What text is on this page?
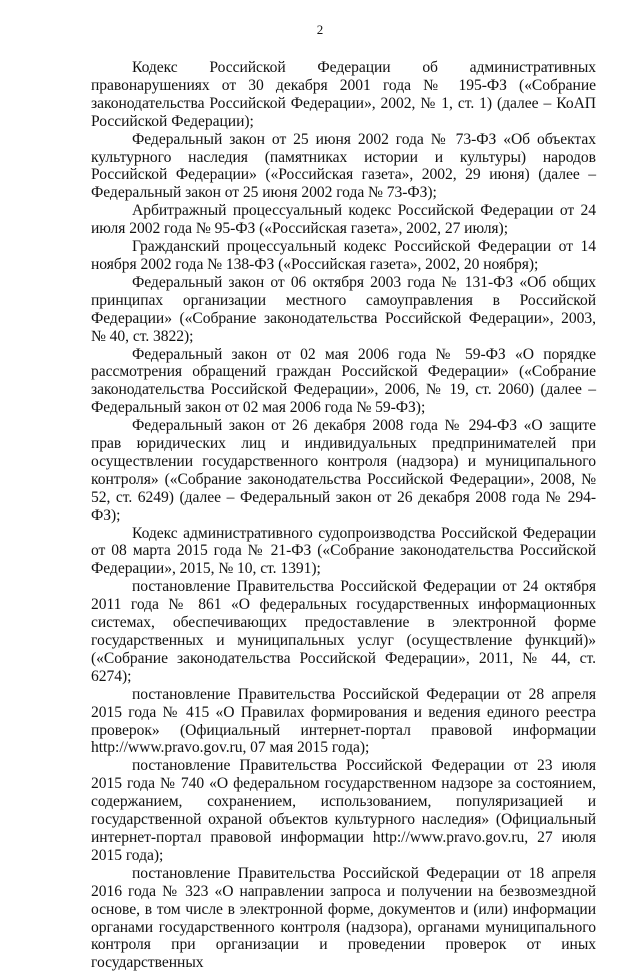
2

Кодекс Российской Федерации об административных правонарушениях от 30 декабря 2001 года № 195-ФЗ («Собрание законодательства Российской Федерации», 2002, № 1, ст. 1) (далее – КоАП Российской Федерации);

Федеральный закон от 25 июня 2002 года № 73-ФЗ «Об объектах культурного наследия (памятниках истории и культуры) народов Российской Федерации» («Российская газета», 2002, 29 июня) (далее – Федеральный закон от 25 июня 2002 года № 73-ФЗ);

Арбитражный процессуальный кодекс Российской Федерации от 24 июля 2002 года № 95-ФЗ («Российская газета», 2002, 27 июля);

Гражданский процессуальный кодекс Российской Федерации от 14 ноября 2002 года № 138-ФЗ («Российская газета», 2002, 20 ноября);

Федеральный закон от 06 октября 2003 года № 131-ФЗ «Об общих принципах организации местного самоуправления в Российской Федерации» («Собрание законодательства Российской Федерации», 2003, № 40, ст. 3822);

Федеральный закон от 02 мая 2006 года № 59-ФЗ «О порядке рассмотрения обращений граждан Российской Федерации» («Собрание законодательства Российской Федерации», 2006, № 19, ст. 2060) (далее – Федеральный закон от 02 мая 2006 года № 59-ФЗ);

Федеральный закон от 26 декабря 2008 года № 294-ФЗ «О защите прав юридических лиц и индивидуальных предпринимателей при осуществлении государственного контроля (надзора) и муниципального контроля» («Собрание законодательства Российской Федерации», 2008, № 52, ст. 6249) (далее – Федеральный закон от 26 декабря 2008 года № 294-ФЗ);

Кодекс административного судопроизводства Российской Федерации от 08 марта 2015 года № 21-ФЗ («Собрание законодательства Российской Федерации», 2015, № 10, ст. 1391);

постановление Правительства Российской Федерации от 24 октября 2011 года № 861 «О федеральных государственных информационных системах, обеспечивающих предоставление в электронной форме государственных и муниципальных услуг (осуществление функций)» («Собрание законодательства Российской Федерации», 2011, № 44, ст. 6274);

постановление Правительства Российской Федерации от 28 апреля 2015 года № 415 «О Правилах формирования и ведения единого реестра проверок» (Официальный интернет-портал правовой информации http://www.pravo.gov.ru, 07 мая 2015 года);

постановление Правительства Российской Федерации от 23 июля 2015 года № 740 «О федеральном государственном надзоре за состоянием, содержанием, сохранением, использованием, популяризацией и государственной охраной объектов культурного наследия» (Официальный интернет-портал правовой информации http://www.pravo.gov.ru, 27 июля 2015 года);

постановление Правительства Российской Федерации от 18 апреля 2016 года № 323 «О направлении запроса и получении на безвозмездной основе, в том числе в электронной форме, документов и (или) информации органами государственного контроля (надзора), органами муниципального контроля при организации и проведении проверок от иных государственных
